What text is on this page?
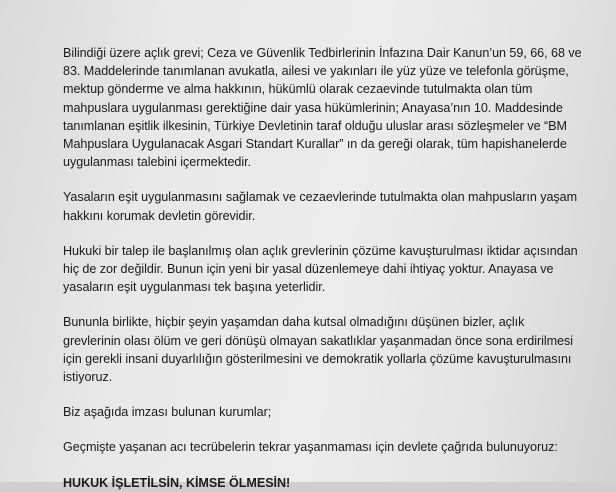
Bilindiği üzere açlık grevi; Ceza ve Güvenlik Tedbirlerinin İnfazına Dair Kanun’un 59, 66, 68 ve
83. Maddelerinde tanımlanan avukatla, ailesi ve yakınları ile yüz yüze ve telefonla görüşme,
mektup gönderme ve alma hakkının, hükümlü olarak cezaevinde tutulmakta olan tüm
mahpuslara uygulanması gerektiğine dair yasa hükümlerinin; Anayasa’nın 10. Maddesinde
tanımlanan eşitlik ilkesinin, Türkiye Devletinin taraf olduğu uluslar arası sözleşmeler ve “BM
Mahpuslara Uygulanacak Asgari Standart Kurallar” ın da gereği olarak, tüm hapishanelerde
uygulanması talebini içermektedir.

Yasaların eşit uygulanmasını sağlamak ve cezaevlerinde tutulmakta olan mahpusların yaşam
hakkını korumak devletin görevidir.

Hukuki bir talep ile başlanılmış olan açlık grevlerinin çözüme kavuşturulması iktidar açısından
hiç de zor değildir. Bunun için yeni bir yasal düzenlemeye dahi ihtiyaç yoktur. Anayasa ve
yasaların eşit uygulanması tek başına yeterlidir.

Bununla birlikte, hiçbir şeyin yaşamdan daha kutsal olmadığını düşünen bizler, açlık
grevlerinin olası ölüm ve geri dönüşü olmayan sakatlıklar yaşanmadan önce sona erdirilmesi
için gerekli insani duyarlılığın gösterilmesini ve demokratik yollarla çözüme kavuşturulmasını
istiyoruz.

Biz aşağıda imzası bulunan kurumlar;

Geçmişte yaşanan acı tecrübelerin tekrar yaşanmaması için devlete çağrıda bulunuyoruz:

HUKUK İŞLETİLSİN, KİMSE ÖLMESİN!
